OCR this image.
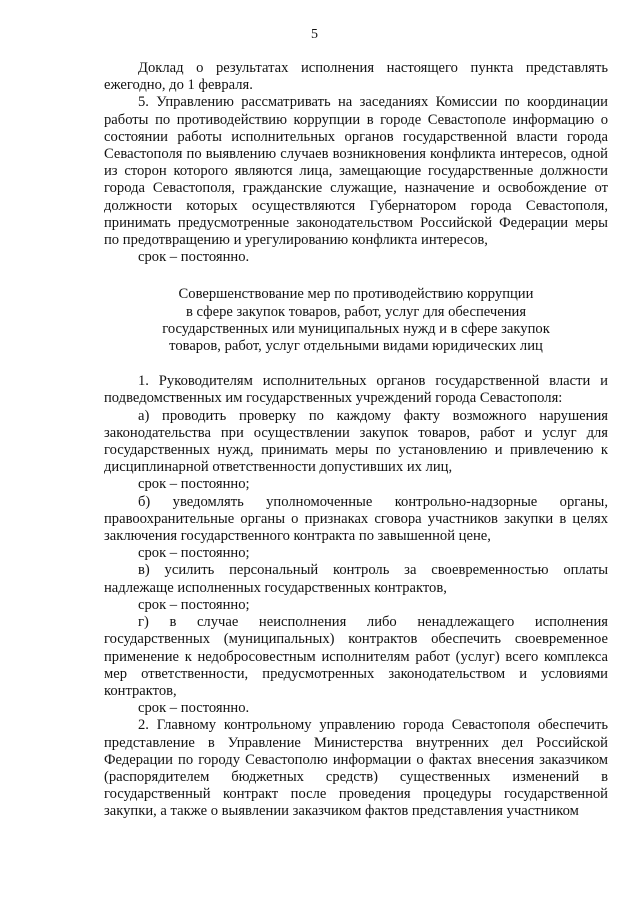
5

Доклад о результатах исполнения настоящего пункта представлять ежегодно, до 1 февраля.

5. Управлению рассматривать на заседаниях Комиссии по координации работы по противодействию коррупции в городе Севастополе информацию о состоянии работы исполнительных органов государственной власти города Севастополя по выявлению случаев возникновения конфликта интересов, одной из сторон которого являются лица, замещающие государственные должности города Севастополя, гражданские служащие, назначение и освобождение от должности которых осуществляются Губернатором города Севастополя, принимать предусмотренные законодательством Российской Федерации меры по предотвращению и урегулированию конфликта интересов,

срок – постоянно.

Совершенствование мер по противодействию коррупции
в сфере закупок товаров, работ, услуг для обеспечения
государственных или муниципальных нужд и в сфере закупок
товаров, работ, услуг отдельными видами юридических лиц

1. Руководителям исполнительных органов государственной власти и подведомственных им государственных учреждений города Севастополя:

а) проводить проверку по каждому факту возможного нарушения законодательства при осуществлении закупок товаров, работ и услуг для государственных нужд, принимать меры по установлению и привлечению к дисциплинарной ответственности допустивших их лиц,

срок – постоянно;

б) уведомлять уполномоченные контрольно-надзорные органы, правоохранительные органы о признаках сговора участников закупки в целях заключения государственного контракта по завышенной цене,

срок – постоянно;

в) усилить персональный контроль за своевременностью оплаты надлежаще исполненных государственных контрактов,

срок – постоянно;

г) в случае неисполнения либо ненадлежащего исполнения государственных (муниципальных) контрактов обеспечить своевременное применение к недобросовестным исполнителям работ (услуг) всего комплекса мер ответственности, предусмотренных законодательством и условиями контрактов,

срок – постоянно.

2. Главному контрольному управлению города Севастополя обеспечить представление в Управление Министерства внутренних дел Российской Федерации по городу Севастополю информации о фактах внесения заказчиком (распорядителем бюджетных средств) существенных изменений в государственный контракт после проведения процедуры государственной закупки, а также о выявлении заказчиком фактов представления участником
